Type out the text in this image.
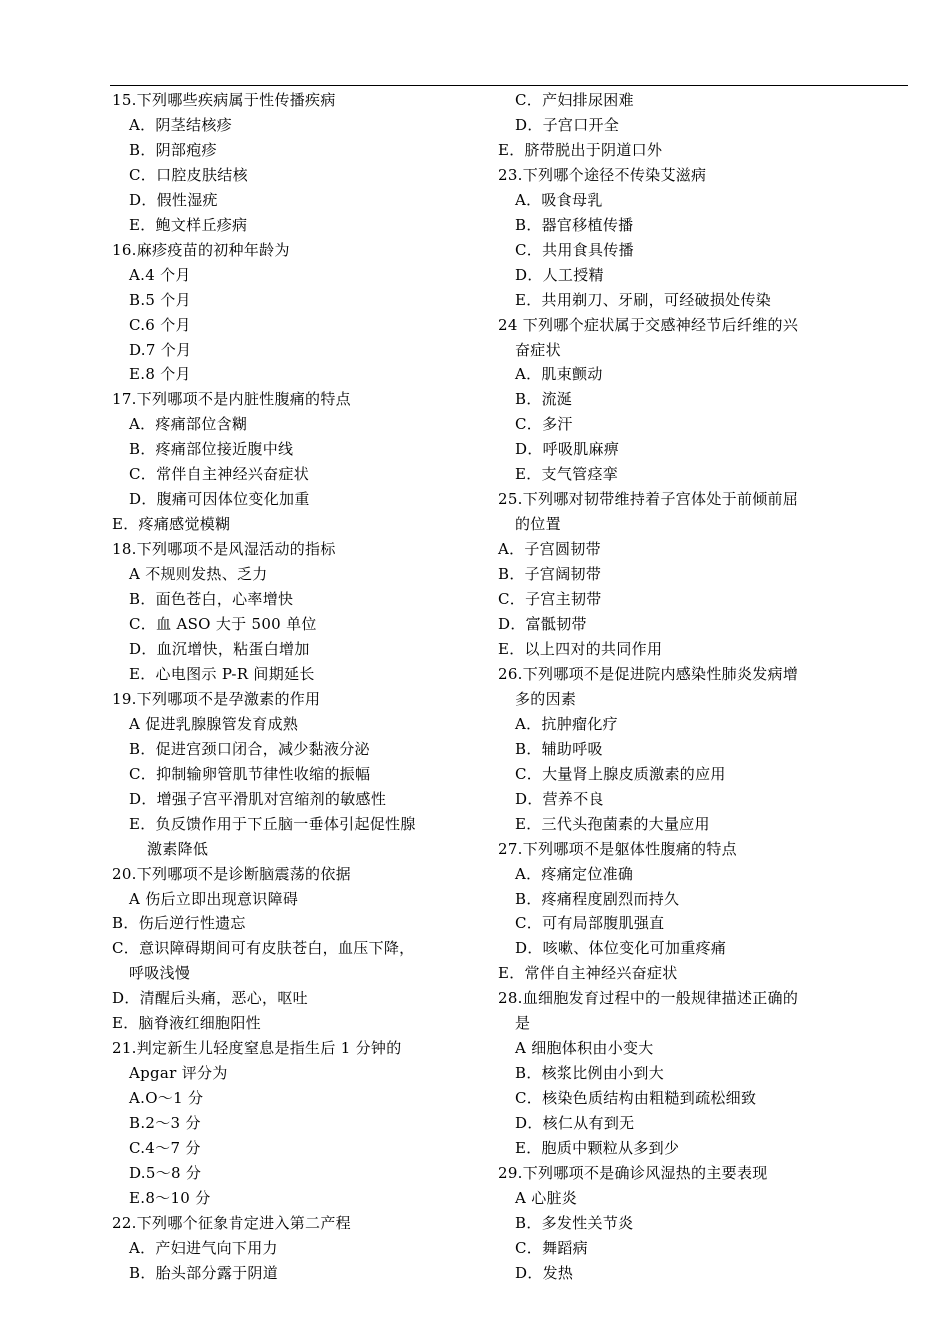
15.下列哪些疾病属于性传播疾病
A．阴茎结核疹
B．阴部疱疹
C．口腔皮肤结核
D．假性湿疣
E．鲍文样丘疹病
16.麻疹疫苗的初种年龄为
A.4 个月
B.5 个月
C.6 个月
D.7 个月
E.8 个月
17.下列哪项不是内脏性腹痛的特点
A．疼痛部位含糊
B．疼痛部位接近腹中线
C．常伴自主神经兴奋症状
D．腹痛可因体位变化加重
E．疼痛感觉模糊
18.下列哪项不是风湿活动的指标
A 不规则发热、乏力
B．面色苍白，心率增快
C．血 ASO 大于 500 单位
D．血沉增快，粘蛋白增加
E．心电图示 P-R 间期延长
19.下列哪项不是孕激素的作用
A 促进乳腺腺管发育成熟
B．促进宫颈口闭合，减少黏液分泌
C．抑制输卵管肌节律性收缩的振幅
D．增强子宫平滑肌对宫缩剂的敏感性
E．负反馈作用于下丘脑一垂体引起促性腺
激素降低
20.下列哪项不是诊断脑震荡的依据
A 伤后立即出现意识障碍
B．伤后逆行性遗忘
C．意识障碍期间可有皮肤苍白，血压下降，
呼吸浅慢
D．清醒后头痛，恶心，呕吐
E．脑脊液红细胞阳性
21.判定新生儿轻度窒息是指生后 1 分钟的
Apgar 评分为
A.O～1 分
B.2～3 分
C.4～7 分
D.5～8 分
E.8～10 分
22.下列哪个征象肯定进入第二产程
A．产妇进气向下用力
B．胎头部分露于阴道
C．产妇排尿困难
D．子宫口开全
E．脐带脱出于阴道口外
23.下列哪个途径不传染艾滋病
A．吸食母乳
B．器官移植传播
C．共用食具传播
D．人工授精
E．共用剃刀、牙刷，可经破损处传染
24 下列哪个症状属于交感神经节后纤维的兴
奋症状
A．肌束颤动
B．流涎
C．多汗
D．呼吸肌麻痹
E．支气管痉挛
25.下列哪对韧带维持着子宫体处于前倾前屈
的位置
A．子宫圆韧带
B．子宫阔韧带
C．子宫主韧带
D．富骶韧带
E．以上四对的共同作用
26.下列哪项不是促进院内感染性肺炎发病增
多的因素
A．抗肿瘤化疗
B．辅助呼吸
C．大量肾上腺皮质激素的应用
D．营养不良
E．三代头孢菌素的大量应用
27.下列哪项不是躯体性腹痛的特点
A．疼痛定位准确
B．疼痛程度剧烈而持久
C．可有局部腹肌强直
D．咳嗽、体位变化可加重疼痛
E．常伴自主神经兴奋症状
28.血细胞发育过程中的一般规律描述正确的
是
A 细胞体积由小变大
B．核浆比例由小到大
C．核染色质结构由粗糙到疏松细致
D．核仁从有到无
E．胞质中颗粒从多到少
29.下列哪项不是确诊风湿热的主要表现
A 心脏炎
B．多发性关节炎
C．舞蹈病
D．发热
